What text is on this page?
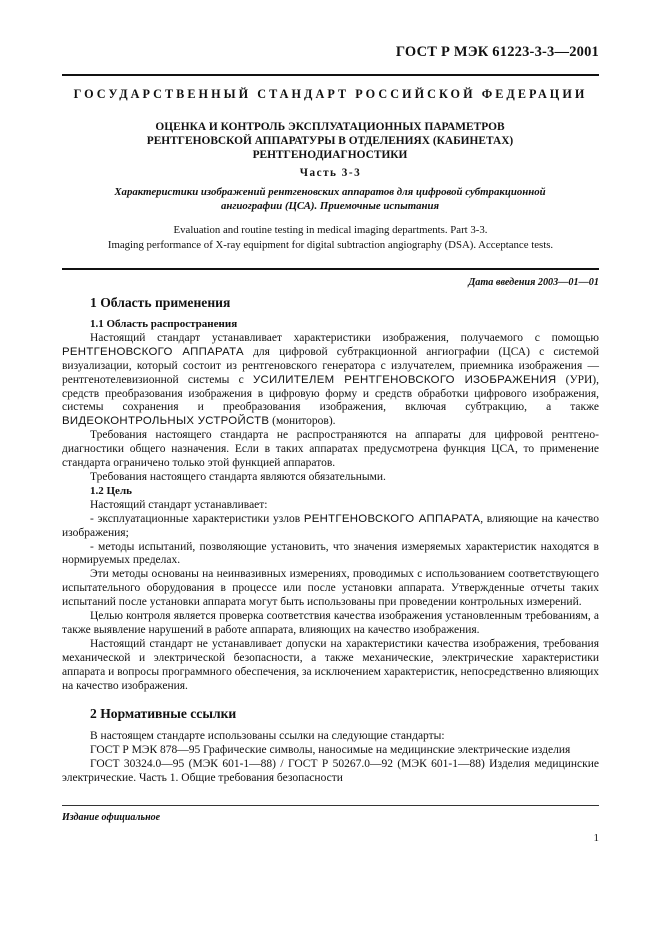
ГОСТ Р МЭК 61223-3-3—2001
ГОСУДАРСТВЕННЫЙ СТАНДАРТ РОССИЙСКОЙ ФЕДЕРАЦИИ
ОЦЕНКА И КОНТРОЛЬ ЭКСПЛУАТАЦИОННЫХ ПАРАМЕТРОВ
РЕНТГЕНОВСКОЙ АППАРАТУРЫ В ОТДЕЛЕНИЯХ (КАБИНЕТАХ)
РЕНТГЕНОДИАГНОСТИКИ
Часть 3-3
Характеристики изображений рентгеновских аппаратов для цифровой субтракционной
ангиографии (ЦСА). Приемочные испытания
Evaluation and routine testing in medical imaging departments. Part 3-3.
Imaging performance of X-ray equipment for digital subtraction angiography (DSA). Acceptance tests.
Дата введения 2003—01—01
1 Область применения
1.1 Область распространения

Настоящий стандарт устанавливает характеристики изображения, получаемого с помощью РЕНТГЕНОВСКОГО АППАРАТА для цифровой субтракционной ангиографии (ЦСА) с системой визуализации, который состоит из рентгеновского генератора с излучателем, приемника изображения — рентгенотелевизионной системы с УСИЛИТЕЛЕМ РЕНТГЕНОВСКОГО ИЗОБРАЖЕНИЯ (УРИ), средств преобразования изображения в цифровую форму и средств обработки цифрового изображения, системы сохранения и преобразования изображения, включая субтракцию, а также ВИДЕОКОНТРОЛЬНЫХ УСТРОЙСТВ (мониторов).

Требования настоящего стандарта не распространяются на аппараты для цифровой рентгенодиагностики общего назначения. Если в таких аппаратах предусмотрена функция ЦСА, то применение стандарта ограничено только этой функцией аппаратов.

Требования настоящего стандарта являются обязательными.

1.2 Цель

Настоящий стандарт устанавливает:

- эксплуатационные характеристики узлов РЕНТГЕНОВСКОГО АППАРАТА, влияющие на качество изображения;

- методы испытаний, позволяющие установить, что значения измеряемых характеристик находятся в нормируемых пределах.

Эти методы основаны на неинвазивных измерениях, проводимых с использованием соответствующего испытательного оборудования в процессе или после установки аппарата. Утвержденные отчеты таких испытаний после установки аппарата могут быть использованы при проведении контрольных измерений.

Целью контроля является проверка соответствия качества изображения установленным требованиям, а также выявление нарушений в работе аппарата, влияющих на качество изображения.

Настоящий стандарт не устанавливает допуски на характеристики качества изображения, требования механической и электрической безопасности, а также механические, электрические характеристики аппарата и вопросы программного обеспечения, за исключением характеристик, непосредственно влияющих на качество изображения.

2 Нормативные ссылки

В настоящем стандарте использованы ссылки на следующие стандарты:

ГОСТ Р МЭК 878—95 Графические символы, наносимые на медицинские электрические изделия

ГОСТ 30324.0—95 (МЭК 601-1—88) / ГОСТ Р 50267.0—92 (МЭК 601-1—88) Изделия медицинские электрические. Часть 1. Общие требования безопасности

Издание официальное
1
